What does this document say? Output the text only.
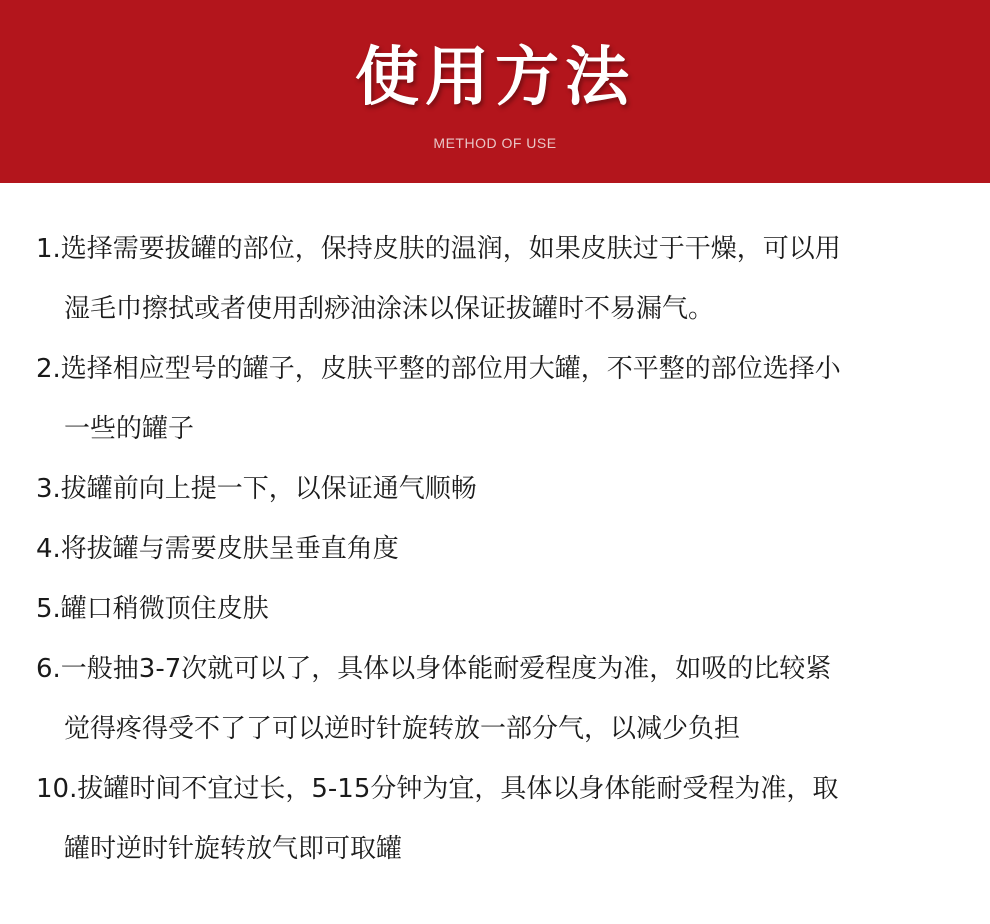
使用方法
METHOD OF USE
1.选择需要拔罐的部位，保持皮肤的温润，如果皮肤过于干燥，可以用
湿毛巾擦拭或者使用刮痧油涂沫以保证拔罐时不易漏气。
2.选择相应型号的罐子，皮肤平整的部位用大罐，不平整的部位选择小
一些的罐子
3.拔罐前向上提一下，以保证通气顺畅
4.将拔罐与需要皮肤呈垂直角度
5.罐口稍微顶住皮肤
6.一般抽3-7次就可以了，具体以身体能耐爱程度为准，如吸的比较紧
觉得疼得受不了了可以逆时针旋转放一部分气，以减少负担
10.拔罐时间不宜过长，5-15分钟为宜，具体以身体能耐受程为准，取
罐时逆时针旋转放气即可取罐
